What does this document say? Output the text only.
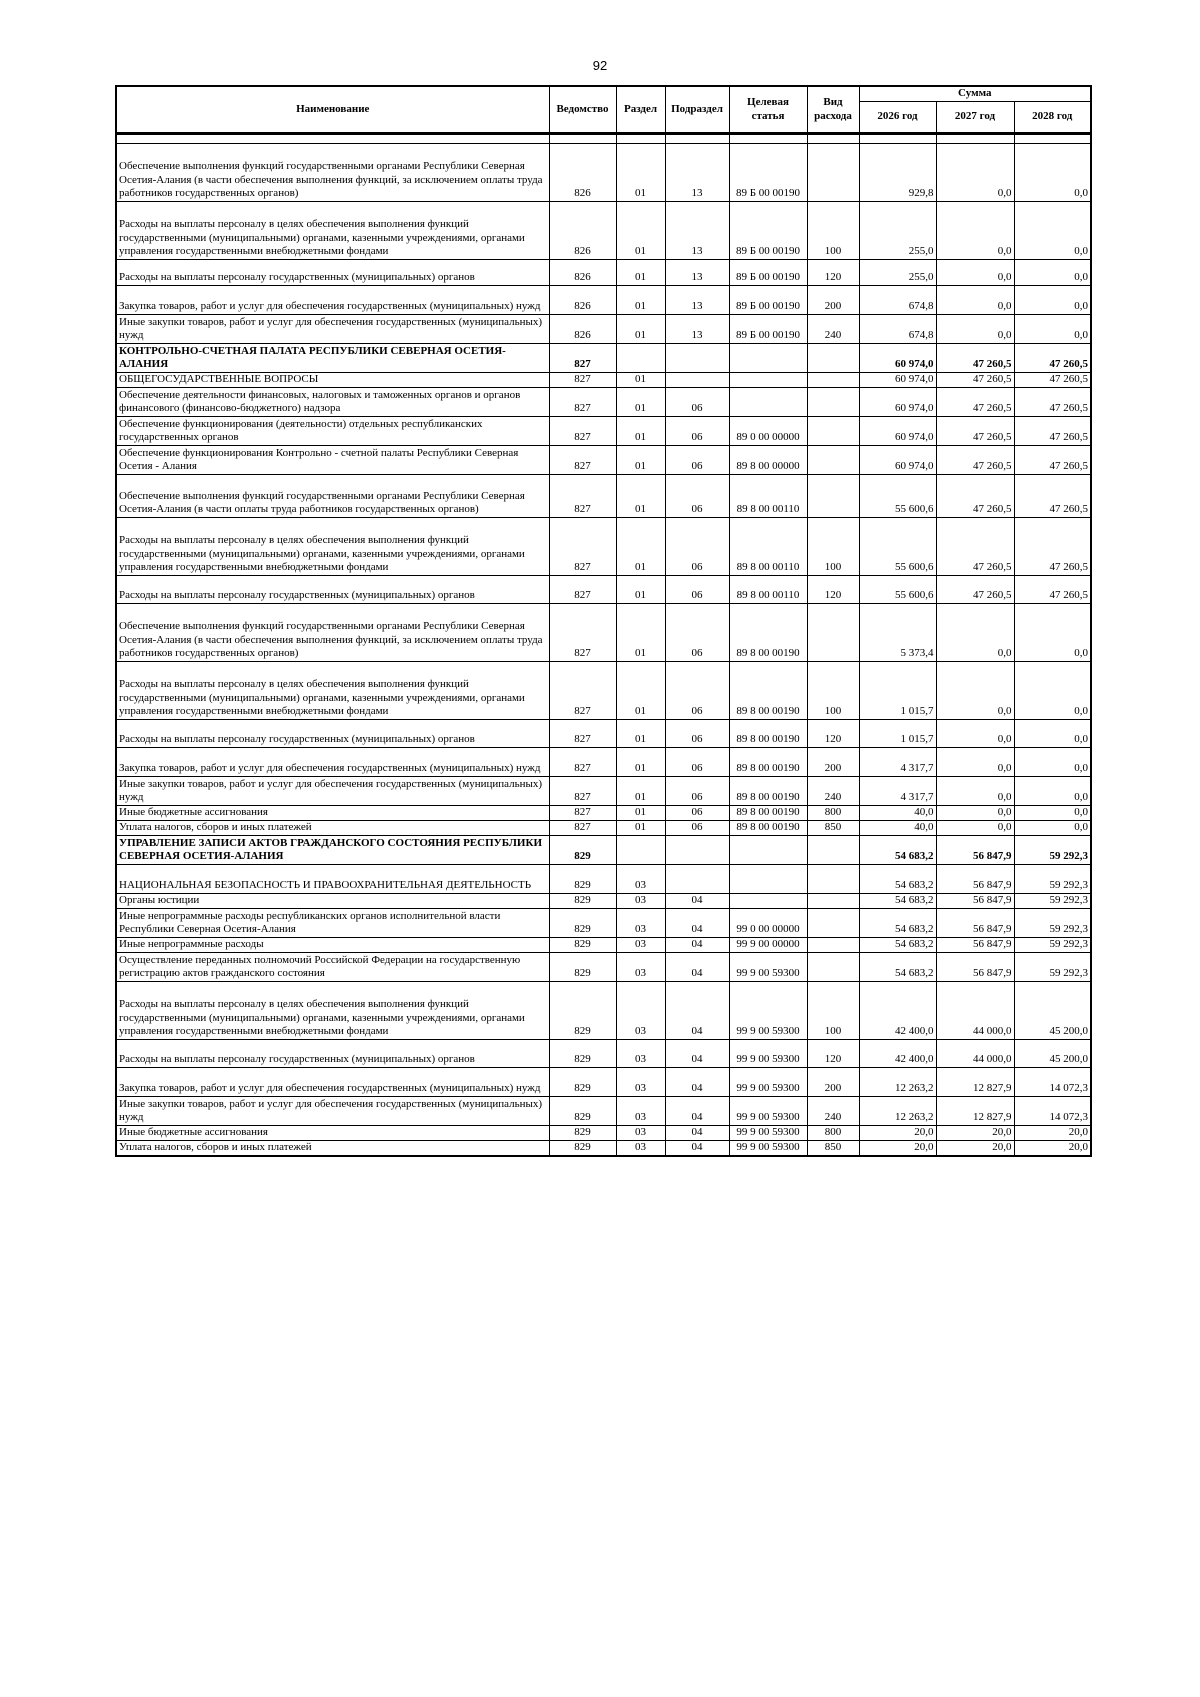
92
Наименование	Ведомство	Раздел	Подраздел	Целевая статья	Вид расхода	Сумма		
						2026 год	2027 год	2028 год

Обеспечение выполнения функций государственными органами Республики Северная Осетия-Алания (в части обеспечения выполнения функций, за исключением оплаты труда работников государственных органов)	826	01	13	89 Б 00 00190		929,8	0,0	0,0
Расходы на выплаты персоналу в целях обеспечения выполнения функций государственными (муниципальными) органами, казенными учреждениями, органами управления государственными внебюджетными фондами	826	01	13	89 Б 00 00190	100	255,0	0,0	0,0
Расходы на выплаты персоналу государственных (муниципальных) органов	826	01	13	89 Б 00 00190	120	255,0	0,0	0,0
Закупка товаров, работ и услуг для обеспечения государственных (муниципальных) нужд	826	01	13	89 Б 00 00190	200	674,8	0,0	0,0
Иные закупки товаров, работ и услуг для обеспечения государственных (муниципальных) нужд	826	01	13	89 Б 00 00190	240	674,8	0,0	0,0
КОНТРОЛЬНО-СЧЕТНАЯ ПАЛАТА РЕСПУБЛИКИ СЕВЕРНАЯ ОСЕТИЯ-АЛАНИЯ	827					60 974,0	47 260,5	47 260,5
ОБЩЕГОСУДАРСТВЕННЫЕ ВОПРОСЫ	827	01				60 974,0	47 260,5	47 260,5
Обеспечение деятельности финансовых, налоговых и таможенных органов и органов финансового (финансово-бюджетного) надзора	827	01	06			60 974,0	47 260,5	47 260,5
Обеспечение функционирования (деятельности) отдельных республиканских государственных органов	827	01	06	89 0 00 00000		60 974,0	47 260,5	47 260,5
Обеспечение функционирования Контрольно - счетной палаты Республики Северная Осетия - Алания	827	01	06	89 8 00 00000		60 974,0	47 260,5	47 260,5
Обеспечение выполнения функций государственными органами Республики Северная Осетия-Алания (в части оплаты труда работников государственных органов)	827	01	06	89 8 00 00110		55 600,6	47 260,5	47 260,5
Расходы на выплаты персоналу в целях обеспечения выполнения функций государственными (муниципальными) органами, казенными учреждениями, органами управления государственными внебюджетными фондами	827	01	06	89 8 00 00110	100	55 600,6	47 260,5	47 260,5
Расходы на выплаты персоналу государственных (муниципальных) органов	827	01	06	89 8 00 00110	120	55 600,6	47 260,5	47 260,5
Обеспечение выполнения функций государственными органами Республики Северная Осетия-Алания (в части обеспечения выполнения функций, за исключением оплаты труда работников государственных органов)	827	01	06	89 8 00 00190		5 373,4	0,0	0,0
Расходы на выплаты персоналу в целях обеспечения выполнения функций государственными (муниципальными) органами, казенными учреждениями, органами управления государственными внебюджетными фондами	827	01	06	89 8 00 00190	100	1 015,7	0,0	0,0
Расходы на выплаты персоналу государственных (муниципальных) органов	827	01	06	89 8 00 00190	120	1 015,7	0,0	0,0
Закупка товаров, работ и услуг для обеспечения государственных (муниципальных) нужд	827	01	06	89 8 00 00190	200	4 317,7	0,0	0,0
Иные закупки товаров, работ и услуг для обеспечения государственных (муниципальных) нужд	827	01	06	89 8 00 00190	240	4 317,7	0,0	0,0
Иные бюджетные ассигнования	827	01	06	89 8 00 00190	800	40,0	0,0	0,0
Уплата налогов, сборов и иных платежей	827	01	06	89 8 00 00190	850	40,0	0,0	0,0
УПРАВЛЕНИЕ ЗАПИСИ АКТОВ ГРАЖДАНСКОГО СОСТОЯНИЯ РЕСПУБЛИКИ СЕВЕРНАЯ ОСЕТИЯ-АЛАНИЯ	829					54 683,2	56 847,9	59 292,3
НАЦИОНАЛЬНАЯ БЕЗОПАСНОСТЬ И ПРАВООХРАНИТЕЛЬНАЯ ДЕЯТЕЛЬНОСТЬ	829	03				54 683,2	56 847,9	59 292,3
Органы юстиции	829	03	04			54 683,2	56 847,9	59 292,3
Иные непрограммные расходы республиканских органов исполнительной власти Республики Северная Осетия-Алания	829	03	04	99 0 00 00000		54 683,2	56 847,9	59 292,3
Иные непрограммные расходы	829	03	04	99 9 00 00000		54 683,2	56 847,9	59 292,3
Осуществление переданных полномочий Российской Федерации на государственную регистрацию актов гражданского состояния	829	03	04	99 9 00 59300		54 683,2	56 847,9	59 292,3
Расходы на выплаты персоналу в целях обеспечения выполнения функций государственными (муниципальными) органами, казенными учреждениями, органами управления государственными внебюджетными фондами	829	03	04	99 9 00 59300	100	42 400,0	44 000,0	45 200,0
Расходы на выплаты персоналу государственных (муниципальных) органов	829	03	04	99 9 00 59300	120	42 400,0	44 000,0	45 200,0
Закупка товаров, работ и услуг для обеспечения государственных (муниципальных) нужд	829	03	04	99 9 00 59300	200	12 263,2	12 827,9	14 072,3
Иные закупки товаров, работ и услуг для обеспечения государственных (муниципальных) нужд	829	03	04	99 9 00 59300	240	12 263,2	12 827,9	14 072,3
Иные бюджетные ассигнования	829	03	04	99 9 00 59300	800	20,0	20,0	20,0
Уплата налогов, сборов и иных платежей	829	03	04	99 9 00 59300	850	20,0	20,0	20,0
